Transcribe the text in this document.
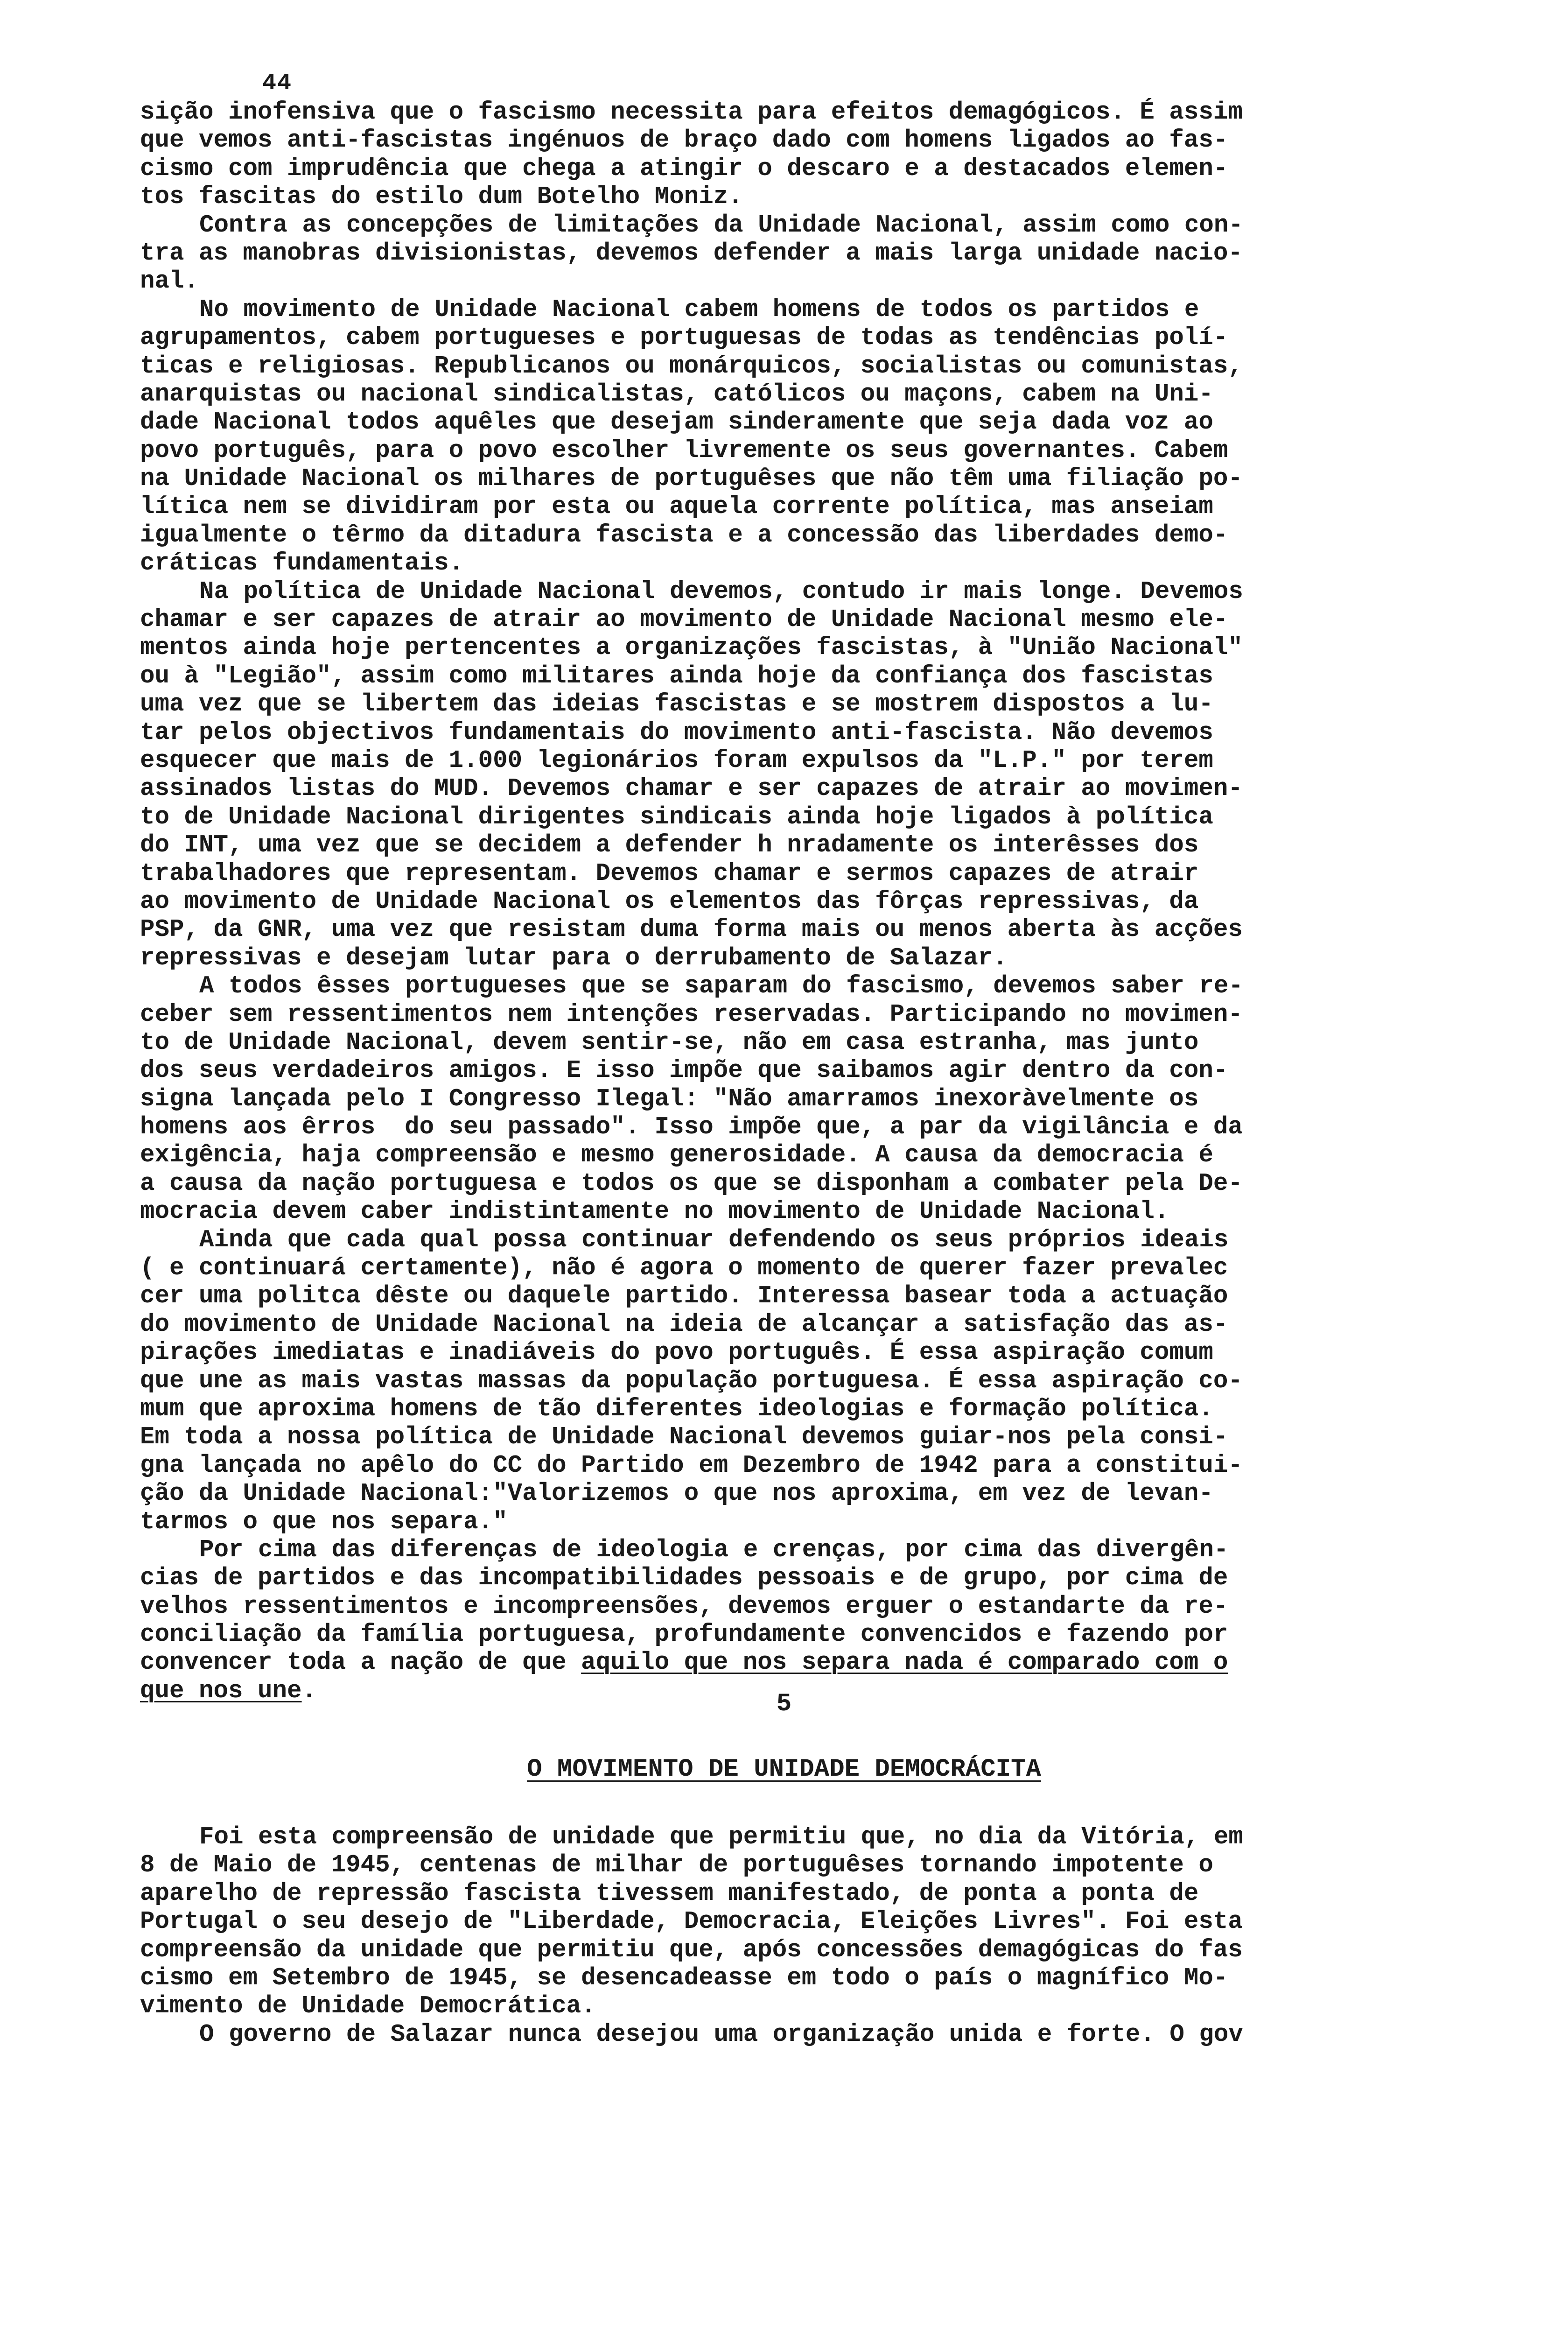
44
sição inofensiva que o fascismo necessita para efeitos demagógicos. É assim
que vemos anti-fascistas ingénuos de braço dado com homens ligados ao fas-
cismo com imprudência que chega a atingir o descaro e a destacados elemen-
tos fascitas do estilo dum Botelho Moniz.
Contra as concepções de limitações da Unidade Nacional, assim como con-
tra as manobras divisionistas, devemos defender a mais larga unidade nacio-
nal.
No movimento de Unidade Nacional cabem homens de todos os partidos e
agrupamentos, cabem portugueses e portuguesas de todas as tendências polí-
ticas e religiosas. Republicanos ou monárquicos, socialistas ou comunistas,
anarquistas ou nacional sindicalistas, católicos ou maçons, cabem na Uni-
dade Nacional todos aquêles que desejam sinderamente que seja dada voz ao
povo português, para o povo escolher livremente os seus governantes. Cabem
na Unidade Nacional os milhares de portuguêses que não têm uma filiação po-
lítica nem se dividiram por esta ou aquela corrente política, mas anseiam
igualmente o têrmo da ditadura fascista e a concessão das liberdades demo-
cráticas fundamentais.
Na política de Unidade Nacional devemos, contudo ir mais longe. Devemos
chamar e ser capazes de atrair ao movimento de Unidade Nacional mesmo ele-
mentos ainda hoje pertencentes a organizações fascistas, à "União Nacional"
ou à "Legião", assim como militares ainda hoje da confiança dos fascistas
uma vez que se libertem das ideias fascistas e se mostrem dispostos a lu-
tar pelos objectivos fundamentais do movimento anti-fascista. Não devemos
esquecer que mais de 1.000 legionários foram expulsos da "L.P." por terem
assinados listas do MUD. Devemos chamar e ser capazes de atrair ao movimen-
to de Unidade Nacional dirigentes sindicais ainda hoje ligados à política
do INT, uma vez que se decidem a defender h nradamente os interêsses dos
trabalhadores que representam. Devemos chamar e sermos capazes de atrair
ao movimento de Unidade Nacional os elementos das fôrças repressivas, da
PSP, da GNR, uma vez que resistam duma forma mais ou menos aberta às acções
repressivas e desejam lutar para o derrubamento de Salazar.
A todos êsses portugueses que se saparam do fascismo, devemos saber re-
ceber sem ressentimentos nem intenções reservadas. Participando no movimen-
to de Unidade Nacional, devem sentir-se, não em casa estranha, mas junto
dos seus verdadeiros amigos. E isso impõe que saibamos agir dentro da con-
signa lançada pelo I Congresso Ilegal: "Não amarramos inexoràvelmente os
homens aos êrros  do seu passado". Isso impõe que, a par da vigilância e da
exigência, haja compreensão e mesmo generosidade. A causa da democracia é
a causa da nação portuguesa e todos os que se disponham a combater pela De-
mocracia devem caber indistintamente no movimento de Unidade Nacional.
Ainda que cada qual possa continuar defendendo os seus próprios ideais
( e continuará certamente), não é agora o momento de querer fazer prevalec
cer uma politca dêste ou daquele partido. Interessa basear toda a actuação
do movimento de Unidade Nacional na ideia de alcançar a satisfação das as-
pirações imediatas e inadiáveis do povo português. É essa aspiração comum
que une as mais vastas massas da população portuguesa. É essa aspiração co-
mum que aproxima homens de tão diferentes ideologias e formação política.
Em toda a nossa política de Unidade Nacional devemos guiar-nos pela consi-
gna lançada no apêlo do CC do Partido em Dezembro de 1942 para a constitui-
ção da Unidade Nacional:"Valorizemos o que nos aproxima, em vez de levan-
tarmos o que nos separa."
Por cima das diferenças de ideologia e crenças, por cima das divergên-
cias de partidos e das incompatibilidades pessoais e de grupo, por cima de
velhos ressentimentos e incompreensões, devemos erguer o estandarte da re-
conciliação da família portuguesa, profundamente convencidos e fazendo por
convencer toda a nação de que aquilo que nos separa nada é comparado com o
que nos une.	5
O MOVIMENTO DE UNIDADE DEMOCRÁCITA
Foi esta compreensão de unidade que permitiu que, no dia da Vitória, em
8 de Maio de 1945, centenas de milhar de portuguêses tornando impotente o
aparelho de repressão fascista tivessem manifestado, de ponta a ponta de
Portugal o seu desejo de "Liberdade, Democracia, Eleições Livres". Foi esta
compreensão da unidade que permitiu que, após concessões demagógicas do fas
cismo em Setembro de 1945, se desencadeasse em todo o país o magnífico Mo-
vimento de Unidade Democrática.
O governo de Salazar nunca desejou uma organização unida e forte. O gov
